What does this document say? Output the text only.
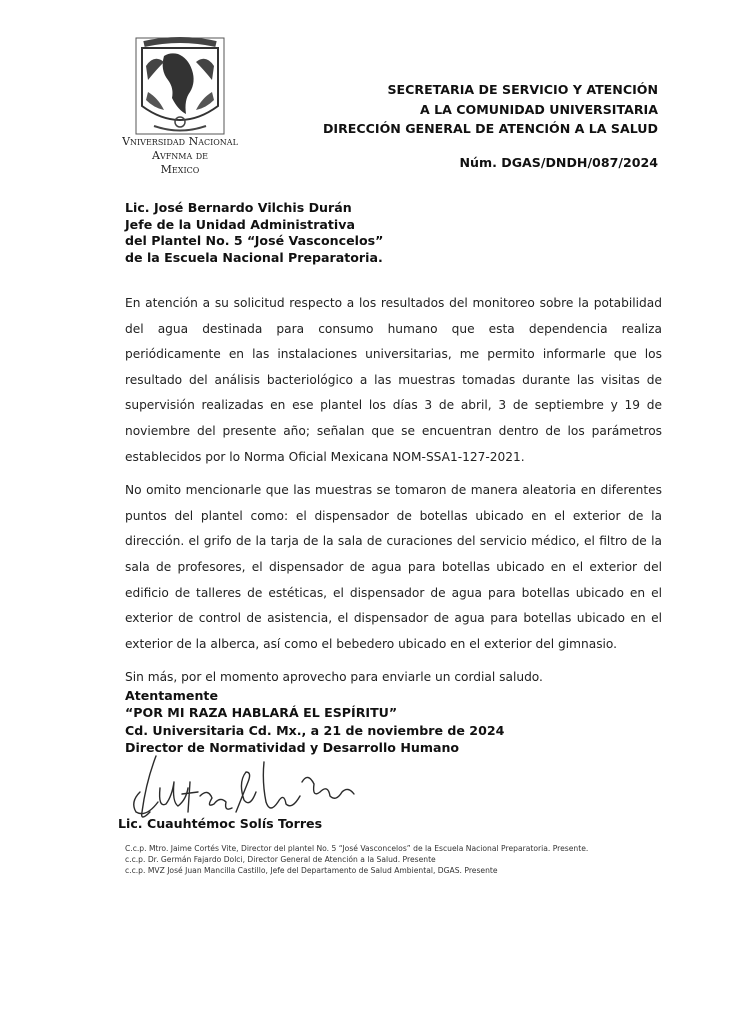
Vniversidad Nacional
Avfnma de
Mexico
SECRETARIA DE SERVICIO Y ATENCIÓN
A LA COMUNIDAD UNIVERSITARIA
DIRECCIÓN GENERAL DE ATENCIÓN A LA SALUD
Núm. DGAS/DNDH/087/2024
Lic. José Bernardo Vilchis Durán
Jefe de la Unidad Administrativa
del Plantel No. 5 “José Vasconcelos”
de la Escuela Nacional Preparatoria.

En atención a su solicitud respecto a los resultados del monitoreo sobre la potabilidad del agua destinada para consumo humano que esta dependencia realiza periódicamente en las instalaciones universitarias, me permito informarle que los resultado del análisis bacteriológico a las muestras tomadas durante las visitas de supervisión realizadas en ese plantel los días 3 de abril, 3 de septiembre y 19 de noviembre del presente año; señalan que se encuentran dentro de los parámetros establecidos por lo Norma Oficial Mexicana NOM-SSA1-127-2021.

No omito mencionarle que las muestras se tomaron de manera aleatoria en diferentes puntos del plantel como: el dispensador de botellas ubicado en el exterior de la dirección. el grifo de la tarja de la sala de curaciones del servicio médico, el filtro de la sala de profesores, el dispensador de agua para botellas ubicado en el exterior del edificio de talleres de estéticas, el dispensador de agua para botellas ubicado en el exterior de control de asistencia, el dispensador de agua para botellas ubicado en el exterior de la alberca, así como el bebedero ubicado en el exterior del gimnasio.

Sin más, por el momento aprovecho para enviarle un cordial saludo.

Atentamente
“POR MI RAZA HABLARÁ EL ESPÍRITU”
Cd. Universitaria Cd. Mx., a 21 de noviembre de 2024
Director de Normatividad y Desarrollo Humano
Lic. Cuauhtémoc Solís Torres
C.c.p. Mtro. Jaime Cortés Vite, Director del plantel No. 5 “José Vasconcelos” de la Escuela Nacional Preparatoria. Presente.
c.c.p. Dr. Germán Fajardo Dolci, Director General de Atención a la Salud. Presente
c.c.p. MVZ José Juan Mancilla Castillo, Jefe del Departamento de Salud Ambiental, DGAS. Presente
